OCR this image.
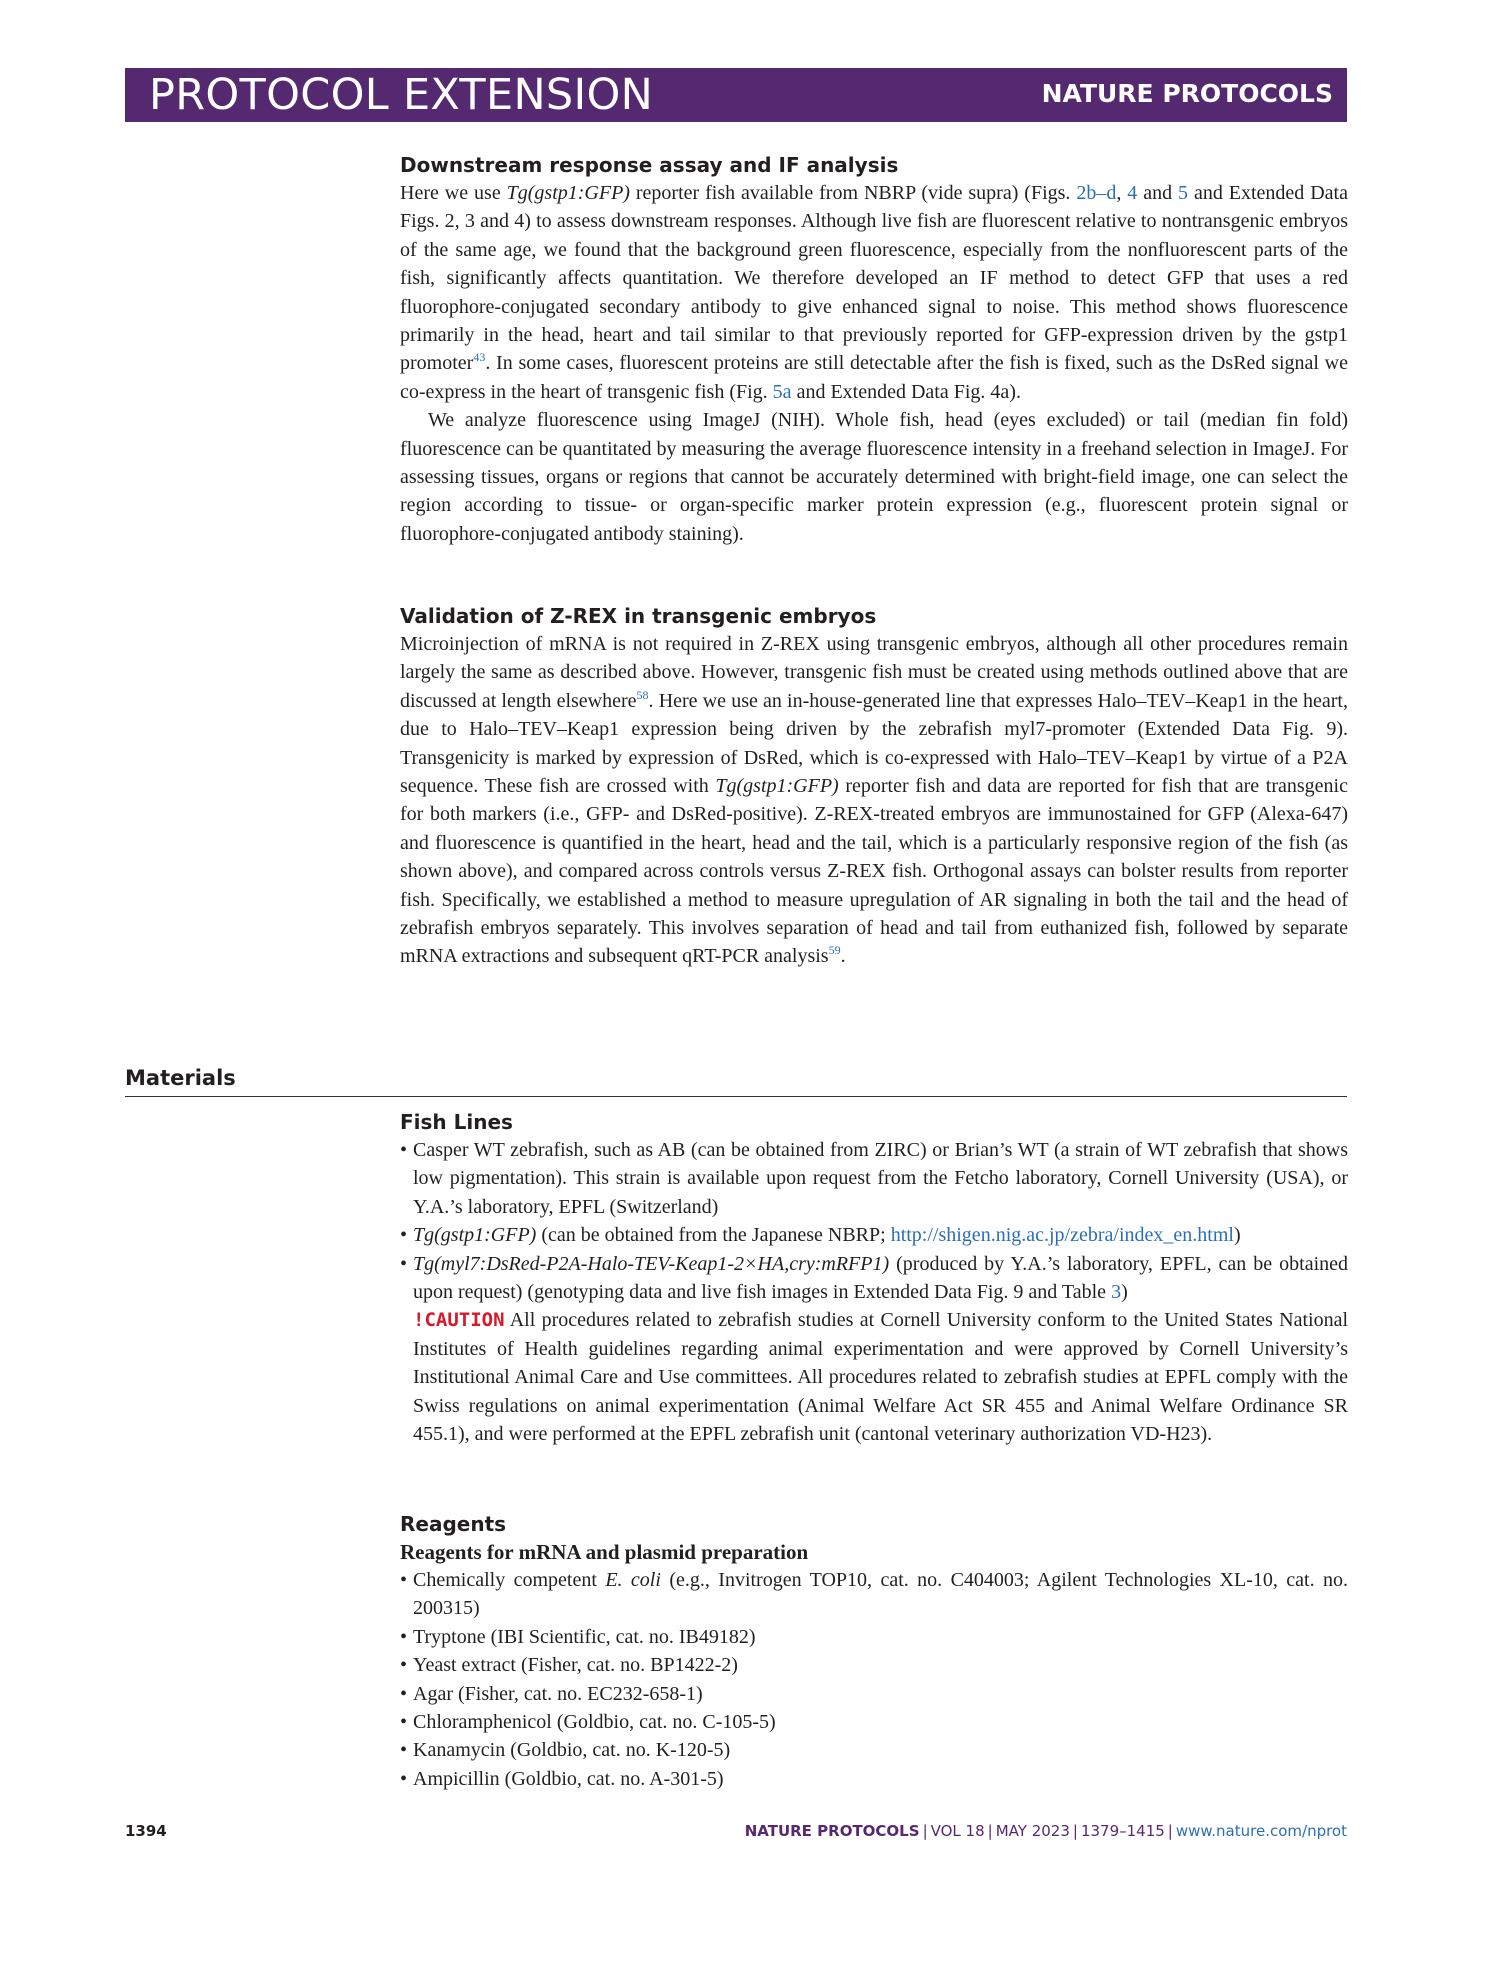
PROTOCOL EXTENSION	NATURE PROTOCOLS
Downstream response assay and IF analysis

Here we use Tg(gstp1:GFP) reporter fish available from NBRP (vide supra) (Figs. 2b–d, 4 and 5 and Extended Data Figs. 2, 3 and 4) to assess downstream responses. Although live fish are fluorescent relative to nontransgenic embryos of the same age, we found that the background green fluorescence, especially from the nonfluorescent parts of the fish, significantly affects quantitation. We therefore developed an IF method to detect GFP that uses a red fluorophore-conjugated secondary antibody to give enhanced signal to noise. This method shows fluorescence primarily in the head, heart and tail similar to that previously reported for GFP-expression driven by the gstp1 promoter$^{43}$. In some cases, fluorescent proteins are still detectable after the fish is fixed, such as the DsRed signal we co-express in the heart of transgenic fish (Fig. 5a and Extended Data Fig. 4a).

We analyze fluorescence using ImageJ (NIH). Whole fish, head (eyes excluded) or tail (median fin fold) fluorescence can be quantitated by measuring the average fluorescence intensity in a freehand selection in ImageJ. For assessing tissues, organs or regions that cannot be accurately determined with bright-field image, one can select the region according to tissue- or organ-specific marker protein expression (e.g., fluorescent protein signal or fluorophore-conjugated antibody staining).

Validation of Z-REX in transgenic embryos

Microinjection of mRNA is not required in Z-REX using transgenic embryos, although all other procedures remain largely the same as described above. However, transgenic fish must be created using methods outlined above that are discussed at length elsewhere$^{58}$. Here we use an in-house-generated line that expresses Halo–TEV–Keap1 in the heart, due to Halo–TEV–Keap1 expression being driven by the zebrafish myl7-promoter (Extended Data Fig. 9). Transgenicity is marked by expression of DsRed, which is co-expressed with Halo–TEV–Keap1 by virtue of a P2A sequence. These fish are crossed with Tg(gstp1:GFP) reporter fish and data are reported for fish that are transgenic for both markers (i.e., GFP- and DsRed-positive). Z-REX-treated embryos are immunostained for GFP (Alexa-647) and fluorescence is quantified in the heart, head and the tail, which is a particularly responsive region of the fish (as shown above), and compared across controls versus Z-REX fish. Orthogonal assays can bolster results from reporter fish. Specifically, we established a method to measure upregulation of AR signaling in both the tail and the head of zebrafish embryos separately. This involves separation of head and tail from euthanized fish, followed by separate mRNA extractions and subsequent qRT-PCR analysis$^{59}$.

Materials
Fish Lines
• Casper WT zebrafish, such as AB (can be obtained from ZIRC) or Brian’s WT (a strain of WT zebrafish that shows low pigmentation). This strain is available upon request from the Fetcho laboratory, Cornell University (USA), or Y.A.’s laboratory, EPFL (Switzerland)
• Tg(gstp1:GFP) (can be obtained from the Japanese NBRP; http://shigen.nig.ac.jp/zebra/index_en.html)
• Tg(myl7:DsRed-P2A-Halo-TEV-Keap1-2×HA,cry:mRFP1) (produced by Y.A.’s laboratory, EPFL, can be obtained upon request) (genotyping data and live fish images in Extended Data Fig. 9 and Table 3)

!CAUTION All procedures related to zebrafish studies at Cornell University conform to the United States National Institutes of Health guidelines regarding animal experimentation and were approved by Cornell University’s Institutional Animal Care and Use committees. All procedures related to zebrafish studies at EPFL comply with the Swiss regulations on animal experimentation (Animal Welfare Act SR 455 and Animal Welfare Ordinance SR 455.1), and were performed at the EPFL zebrafish unit (cantonal veterinary authorization VD-H23).

Reagents
Reagents for mRNA and plasmid preparation
• Chemically competent E. coli (e.g., Invitrogen TOP10, cat. no. C404003; Agilent Technologies XL-10, cat. no. 200315)
• Tryptone (IBI Scientific, cat. no. IB49182)
• Yeast extract (Fisher, cat. no. BP1422-2)
• Agar (Fisher, cat. no. EC232-658-1)
• Chloramphenicol (Goldbio, cat. no. C-105-5)
• Kanamycin (Goldbio, cat. no. K-120-5)
• Ampicillin (Goldbio, cat. no. A-301-5)
1394	NATURE PROTOCOLS | VOL 18 | MAY 2023 | 1379–1415 | www.nature.com/nprot
